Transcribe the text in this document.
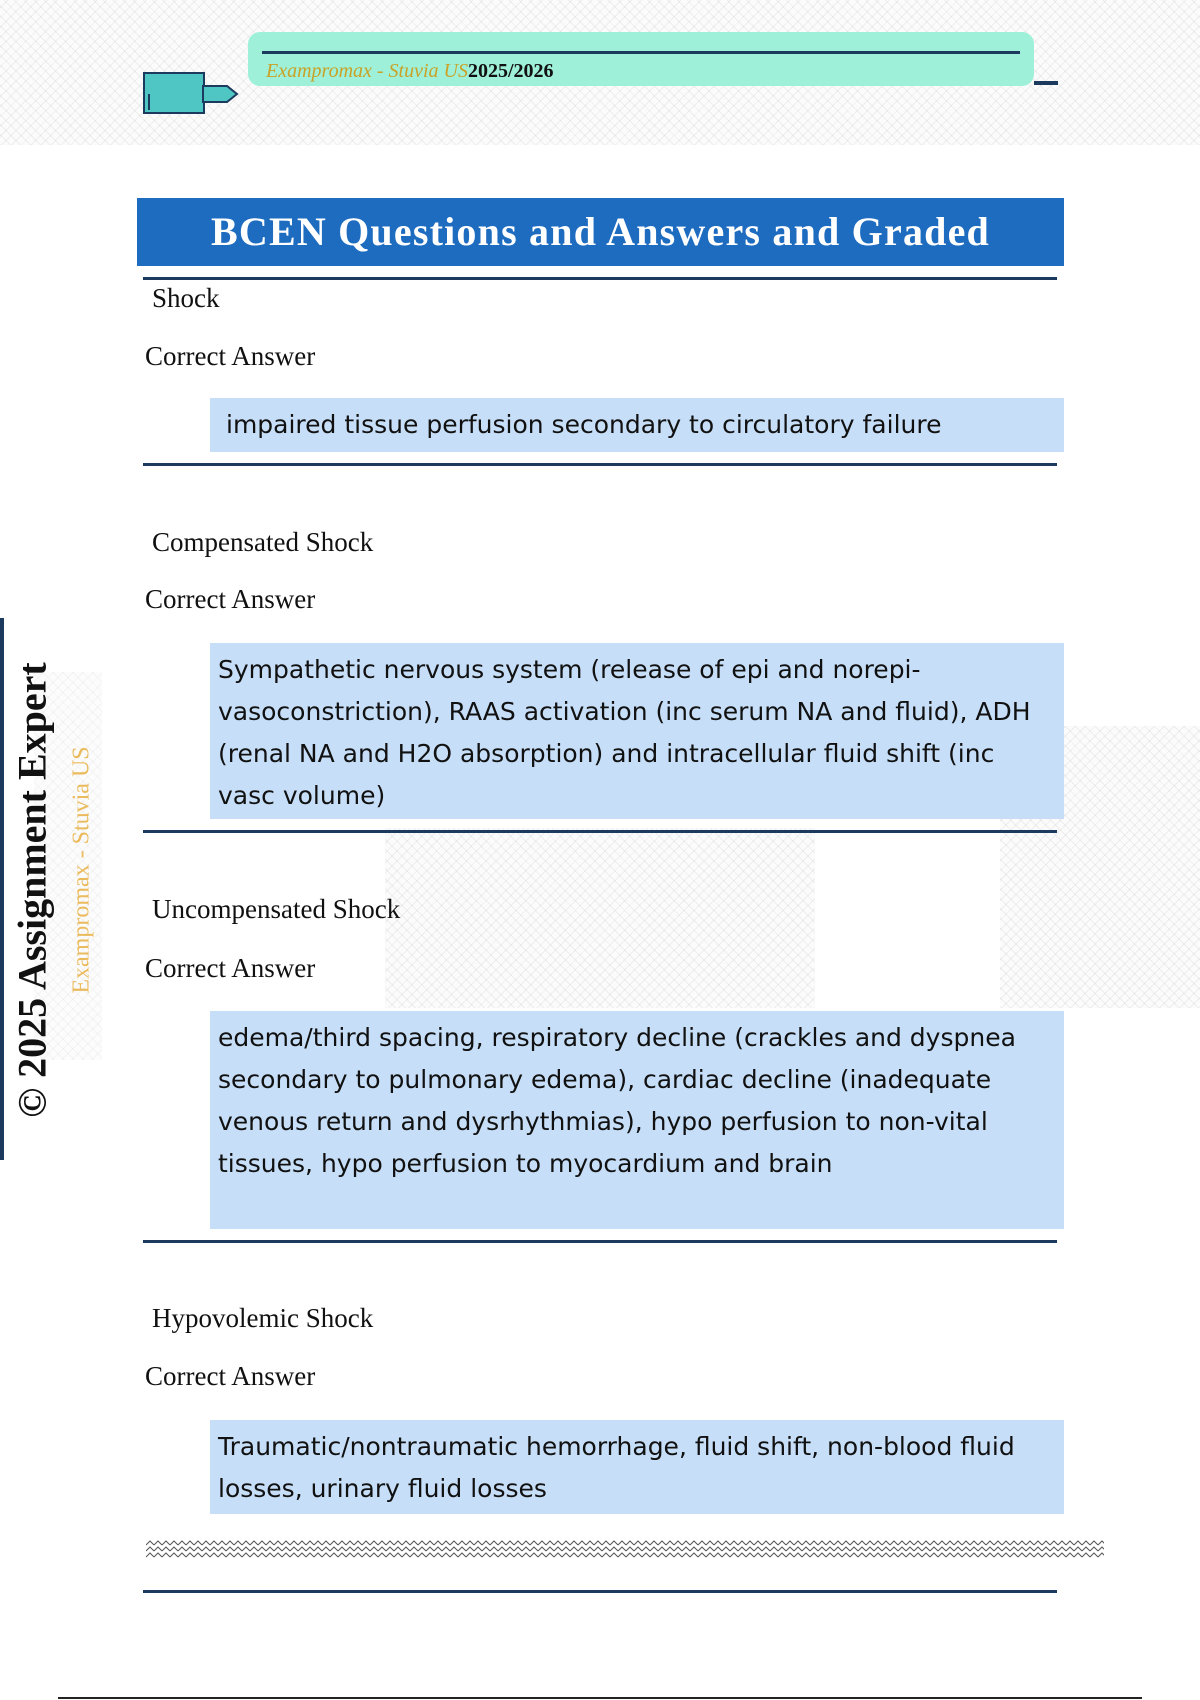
Exampromax - Stuvia US2025/2026
BCEN Questions and Answers and Graded
Shock
Correct Answer
impaired tissue perfusion secondary to circulatory failure
Compensated Shock
Correct Answer
Sympathetic nervous system (release of epi and norepi- vasoconstriction), RAAS activation (inc serum NA and fluid), ADH (renal NA and H2O absorption) and intracellular fluid shift (inc vasc volume)
Uncompensated Shock
Correct Answer
edema/third spacing, respiratory decline (crackles and dyspnea secondary to pulmonary edema), cardiac decline (inadequate venous return and dysrhythmias), hypo perfusion to non-vital tissues, hypo perfusion to myocardium and brain
Hypovolemic Shock
Correct Answer
Traumatic/nontraumatic hemorrhage, fluid shift, non-blood fluid losses, urinary fluid losses
© 2025 Assignment Expert Exampromax - Stuvia US
